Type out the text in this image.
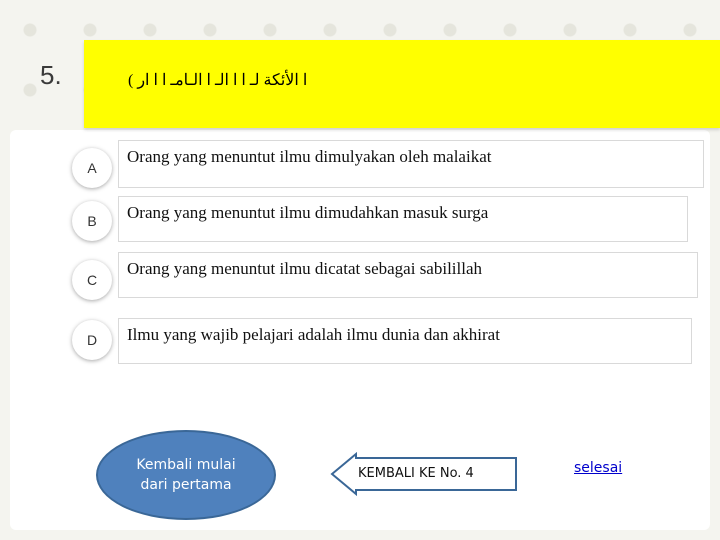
5.	ا الأئكة لـ ا ا الـ ا الـامـ ا ا ار )
A
Orang yang menuntut ilmu dimulyakan oleh malaikat
B	Orang yang menuntut ilmu dimudahkan masuk surga
C
Orang yang menuntut ilmu dicatat sebagai sabilillah
D	Ilmu yang wajib pelajari adalah ilmu dunia dan akhirat
Kembali mulai dari pertama
KEMBALI KE No. 4	selesai
